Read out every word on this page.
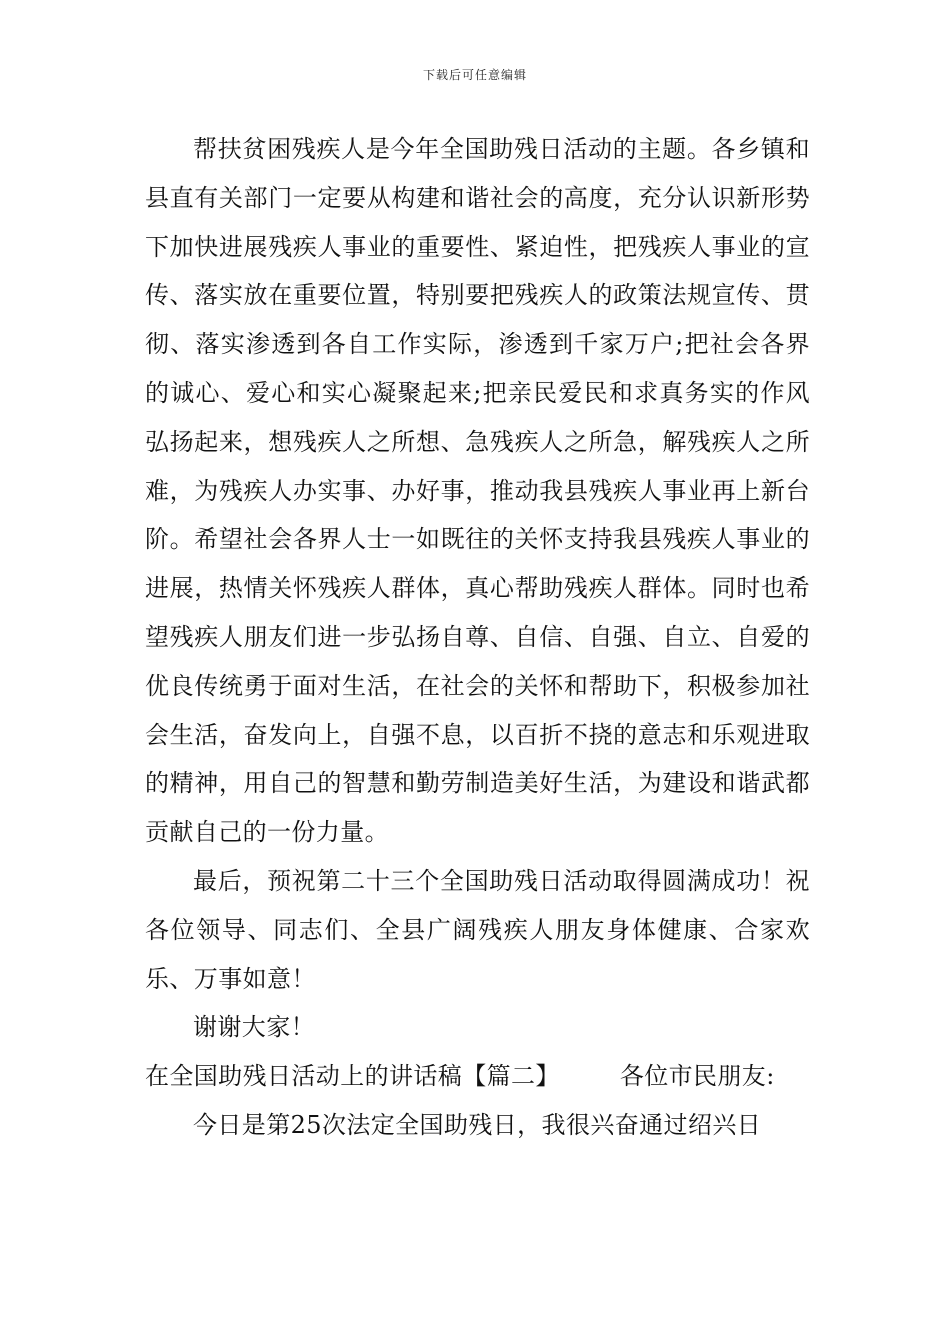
下载后可任意编辑

帮扶贫困残疾人是今年全国助残日活动的主题。各乡镇和县直有关部门一定要从构建和谐社会的高度，充分认识新形势下加快进展残疾人事业的重要性、紧迫性，把残疾人事业的宣传、落实放在重要位置，特别要把残疾人的政策法规宣传、贯彻、落实渗透到各自工作实际，渗透到千家万户;把社会各界的诚心、爱心和实心凝聚起来;把亲民爱民和求真务实的作风弘扬起来，想残疾人之所想、急残疾人之所急，解残疾人之所难，为残疾人办实事、办好事，推动我县残疾人事业再上新台阶。希望社会各界人士一如既往的关怀支持我县残疾人事业的进展，热情关怀残疾人群体，真心帮助残疾人群体。同时也希望残疾人朋友们进一步弘扬自尊、自信、自强、自立、自爱的优良传统勇于面对生活，在社会的关怀和帮助下，积极参加社会生活，奋发向上，自强不息，以百折不挠的意志和乐观进取的精神，用自己的智慧和勤劳制造美好生活，为建设和谐武都贡献自己的一份力量。

最后，预祝第二十三个全国助残日活动取得圆满成功！祝各位领导、同志们、全县广阔残疾人朋友身体健康、合家欢乐、万事如意！

谢谢大家！

在全国助残日活动上的讲话稿【篇二】	各位市民朋友:

今日是第25次法定全国助残日，我很兴奋通过绍兴日
